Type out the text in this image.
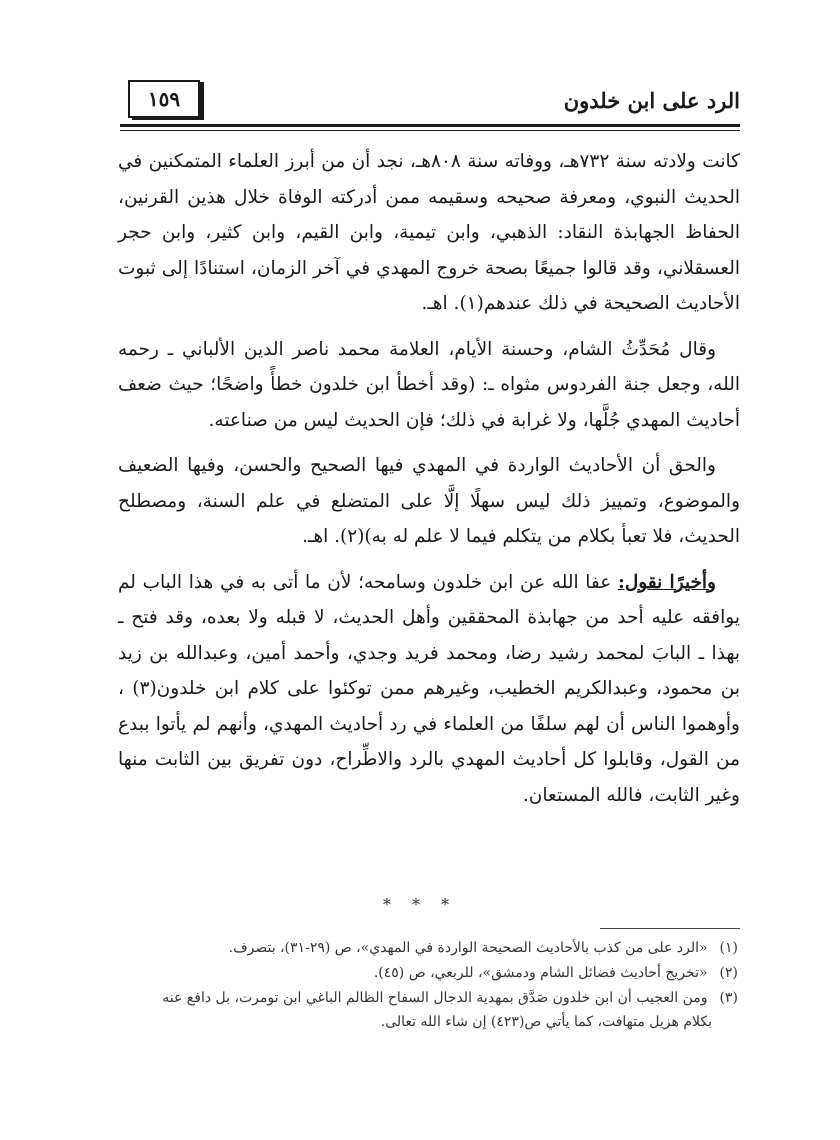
الرد على ابن خلدون
١٥٩

كانت ولادته سنة ٧٣٢هـ، ووفاته سنة ٨٠٨هـ، نجد أن من أبرز العلماء المتمكنين في الحديث النبوي، ومعرفة صحيحه وسقيمه ممن أدركته الوفاة خلال هذين القرنين، الحفاظ الجهابذة النقاد: الذهبي، وابن تيمية، وابن القيم، وابن كثير، وابن حجر العسقلاني، وقد قالوا جميعًا بصحة خروج المهدي في آخر الزمان، استنادًا إلى ثبوت الأحاديث الصحيحة في ذلك عندهم(١). اهـ.

وقال مُحَدِّثُ الشام، وحسنة الأيام، العلامة محمد ناصر الدين الألباني ـ رحمه الله، وجعل جنة الفردوس مثواه ـ: (وقد أخطأ ابن خلدون خطأً واضحًا؛ حيث ضعف أحاديث المهدي جُلَّها، ولا غرابة في ذلك؛ فإن الحديث ليس من صناعته.

والحق أن الأحاديث الواردة في المهدي فيها الصحيح والحسن، وفيها الضعيف والموضوع، وتمييز ذلك ليس سهلًا إلَّا على المتضلع في علم السنة، ومصطلح الحديث، فلا تعبأ بكلام من يتكلم فيما لا علم له به)(٢). اهـ.

وأخيرًا نقول: عفا الله عن ابن خلدون وسامحه؛ لأن ما أتى به في هذا الباب لم يوافقه عليه أحد من جهابذة المحققين وأهل الحديث، لا قبله ولا بعده، وقد فتح ـ بهذا ـ البابَ لمحمد رشيد رضا، ومحمد فريد وجدي، وأحمد أمين، وعبدالله بن زيد بن محمود، وعبدالكريم الخطيب، وغيرهم ممن توكئوا على كلام ابن خلدون(٣) ، وأوهموا الناس أن لهم سلفًا من العلماء في رد أحاديث المهدي، وأنهم لم يأتوا ببدع من القول، وقابلوا كل أحاديث المهدي بالرد والاطِّراح، دون تفريق بين الثابت منها وغير الثابت، فالله المستعان.

* * *
(١) «الرد على من كذب بالأحاديث الصحيحة الواردة في المهدي»، ص (٢٩-٣١)، بتصرف.
(٢) «تخريج أحاديث فضائل الشام ودمشق»، للربعي، ص (٤٥).
(٣) ومن العجيب أن ابن خلدون صَدَّق بمهدية الدجال السفاح الظالم الباغي ابن تومرت، بل دافع عنه
بكلام هزيل متهافت، كما يأتي ص(٤٢٣) إن شاء الله تعالى.
